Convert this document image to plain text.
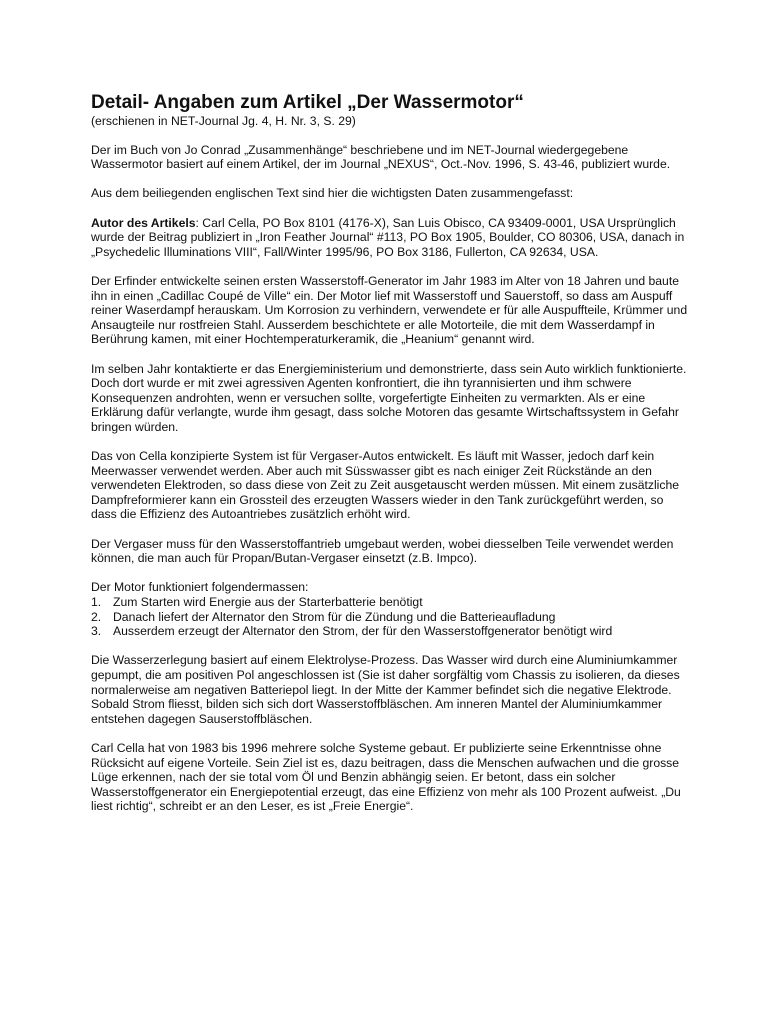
Detail- Angaben zum Artikel „Der Wassermotor“
(erschienen in NET-Journal Jg. 4, H. Nr. 3, S. 29)

Der im Buch von Jo Conrad „Zusammenhänge“ beschriebene und im NET-Journal wiedergegebene Wassermotor basiert auf einem Artikel, der im Journal „NEXUS“, Oct.-Nov. 1996, S. 43-46, publiziert wurde.

Aus dem beiliegenden englischen Text sind hier die wichtigsten Daten zusammengefasst:

Autor des Artikels: Carl Cella, PO Box 8101 (4176-X), San Luis Obisco, CA 93409-0001, USA Ursprünglich wurde der Beitrag publiziert in „Iron Feather Journal“ #113, PO Box 1905, Boulder, CO 80306, USA, danach in „Psychedelic Illuminations VIII“, Fall/Winter 1995/96, PO Box 3186, Fullerton, CA 92634, USA.

Der Erfinder entwickelte seinen ersten Wasserstoff-Generator im Jahr 1983 im Alter von 18 Jahren und baute ihn in einen „Cadillac Coupé de Ville“ ein. Der Motor lief mit Wasserstoff und Sauerstoff, so dass am Auspuff reiner Waserdampf herauskam. Um Korrosion zu verhindern, verwendete er für alle Auspuffteile, Krümmer und Ansaugteile nur rostfreien Stahl. Ausserdem beschichtete er alle Motorteile, die mit dem Wasserdampf in Berührung kamen, mit einer Hochtemperaturkeramik, die „Heanium“ genannt wird.

Im selben Jahr kontaktierte er das Energieministerium und demonstrierte, dass sein Auto wirklich funktionierte. Doch dort wurde er mit zwei agressiven Agenten konfrontiert, die ihn tyrannisierten und ihm schwere Konsequenzen androhten, wenn er versuchen sollte, vorgefertigte Einheiten zu vermarkten. Als er eine Erklärung dafür verlangte, wurde ihm gesagt, dass solche Motoren das gesamte Wirtschaftssystem in Gefahr bringen würden.

Das von Cella konzipierte System ist für Vergaser-Autos entwickelt. Es läuft mit Wasser, jedoch darf kein Meerwasser verwendet werden. Aber auch mit Süsswasser gibt es nach einiger Zeit Rückstände an den verwendeten Elektroden, so dass diese von Zeit zu Zeit ausgetauscht werden müssen. Mit einem zusätzliche Dampfreformierer kann ein Grossteil des erzeugten Wassers wieder in den Tank zurückgeführt werden, so dass die Effizienz des Autoantriebes zusätzlich erhöht wird.

Der Vergaser muss für den Wasserstoffantrieb umgebaut werden, wobei diesselben Teile verwendet werden können, die man auch für Propan/Butan-Vergaser einsetzt (z.B. Impco).

Der Motor funktioniert folgendermassen:
1. Zum Starten wird Energie aus der Starterbatterie benötigt
2. Danach liefert der Alternator den Strom für die Zündung und die Batterieaufladung
3. Ausserdem erzeugt der Alternator den Strom, der für den Wasserstoffgenerator benötigt wird

Die Wasserzerlegung basiert auf einem Elektrolyse-Prozess. Das Wasser wird durch eine Aluminiumkammer gepumpt, die am positiven Pol angeschlossen ist (Sie ist daher sorgfältig vom Chassis zu isolieren, da dieses normalerweise am negativen Batteriepol liegt. In der Mitte der Kammer befindet sich die negative Elektrode. Sobald Strom fliesst, bilden sich sich dort Wasserstoffbläschen. Am inneren Mantel der Aluminiumkammer entstehen dagegen Sauserstoffbläschen.

Carl Cella hat von 1983 bis 1996 mehrere solche Systeme gebaut. Er publizierte seine Erkenntnisse ohne Rücksicht auf eigene Vorteile. Sein Ziel ist es, dazu beitragen, dass die Menschen aufwachen und die grosse Lüge erkennen, nach der sie total vom Öl und Benzin abhängig seien. Er betont, dass ein solcher Wasserstoffgenerator ein Energiepotential erzeugt, das eine Effizienz von mehr als 100 Prozent aufweist. „Du liest richtig“, schreibt er an den Leser, es ist „Freie Energie“.
